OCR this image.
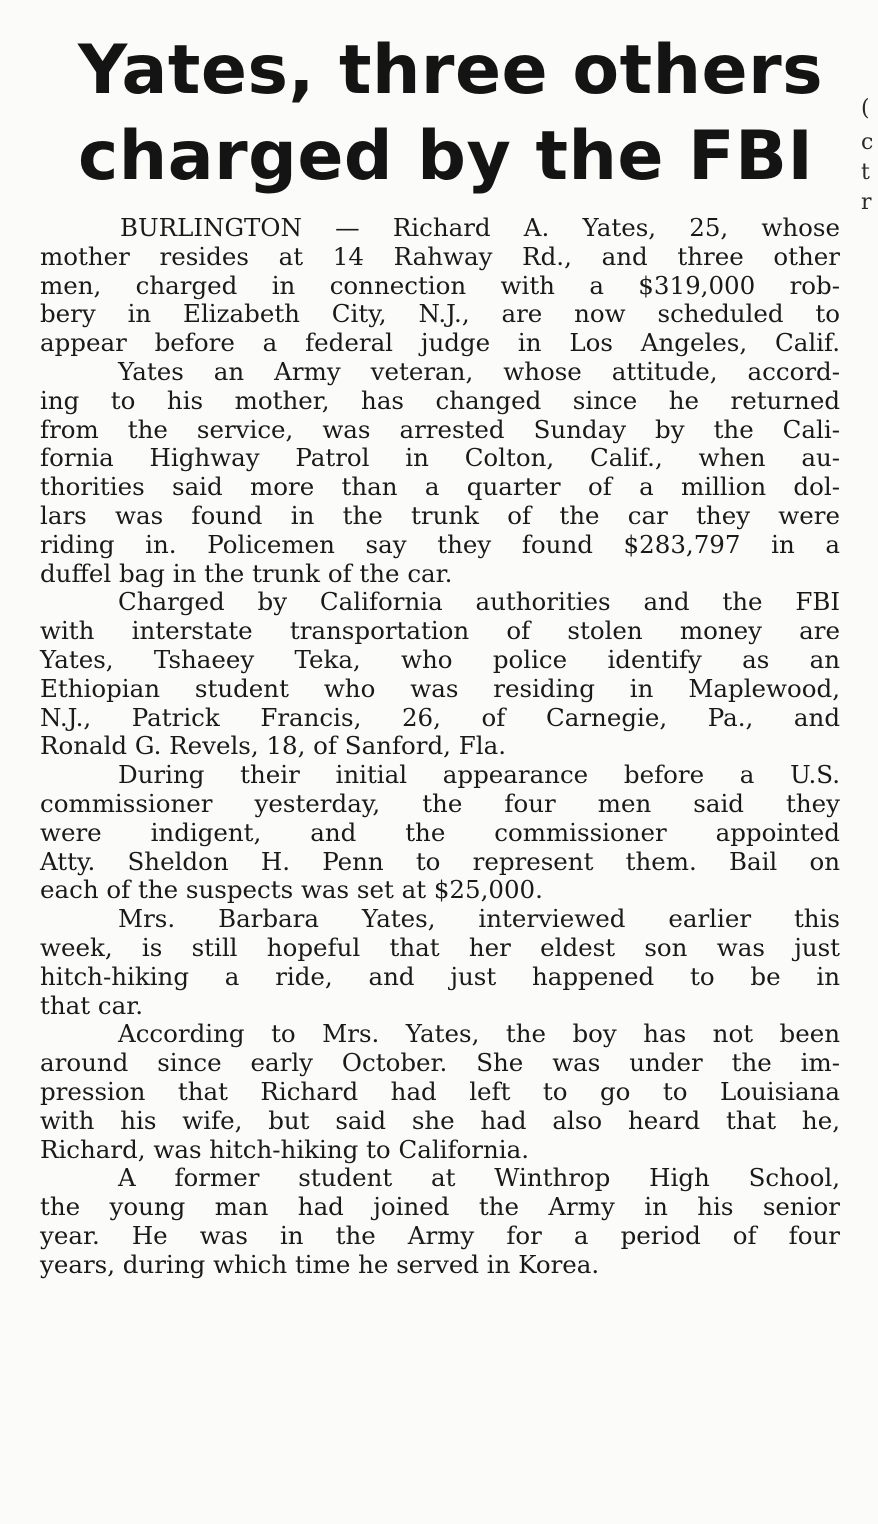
Yates, three others
charged by the FBI
BURLINGTON — Richard A. Yates, 25, whose
mother resides at 14 Rahway Rd., and three other
men, charged in connection with a $319,000 rob-
bery in Elizabeth City, N.J., are now scheduled to
appear before a federal judge in Los Angeles, Calif.
Yates an Army veteran, whose attitude, accord-
ing to his mother, has changed since he returned
from the service, was arrested Sunday by the Cali-
fornia Highway Patrol in Colton, Calif., when au-
thorities said more than a quarter of a million dol-
lars was found in the trunk of the car they were
riding in. Policemen say they found $283,797 in a
duffel bag in the trunk of the car.
Charged by California authorities and the FBI
with interstate transportation of stolen money are
Yates, Tshaeey Teka, who police identify as an
Ethiopian student who was residing in Maplewood,
N.J., Patrick Francis, 26, of Carnegie, Pa., and
Ronald G. Revels, 18, of Sanford, Fla.
During their initial appearance before a U.S.
commissioner yesterday, the four men said they
were indigent, and the commissioner appointed
Atty. Sheldon H. Penn to represent them. Bail on
each of the suspects was set at $25,000.
Mrs. Barbara Yates, interviewed earlier this
week, is still hopeful that her eldest son was just
hitch-hiking a ride, and just happened to be in
that car.
According to Mrs. Yates, the boy has not been
around since early October. She was under the im-
pression that Richard had left to go to Louisiana
with his wife, but said she had also heard that he,
Richard, was hitch-hiking to California.
A former student at Winthrop High School,
the young man had joined the Army in his senior
year. He was in the Army for a period of four
years, during which time he served in Korea.
(
c
t
r
